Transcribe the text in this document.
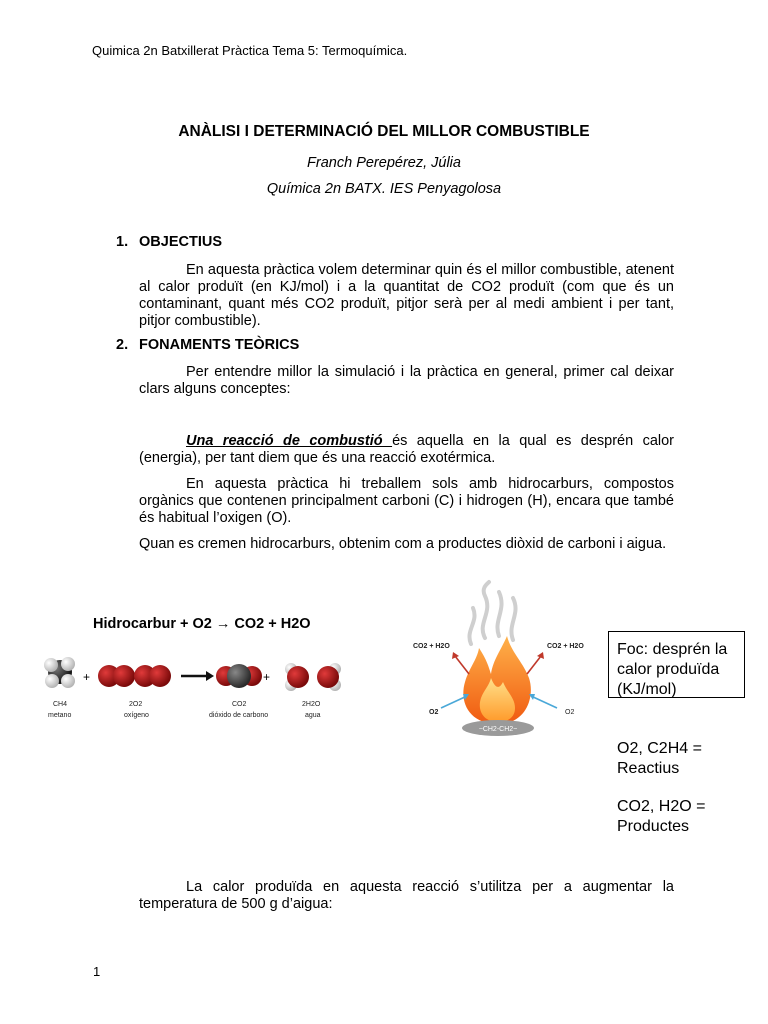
Quimica 2n Batxillerat Pràctica Tema 5: Termoquímica.
ANÀLISI I DETERMINACIÓ DEL MILLOR COMBUSTIBLE
Franch Perepérez, Júlia
Química 2n BATX. IES Penyagolosa
1. OBJECTIUS
En aquesta pràctica volem determinar quin és el millor combustible, atenent al calor produït (en KJ/mol) i a la quantitat de CO2 produït (com que és un contaminant, quant més CO2 produït, pitjor serà per al medi ambient i per tant, pitjor combustible).
2. FONAMENTS TEÒRICS
Per entendre millor la simulació i la pràctica en general, primer cal deixar clars alguns conceptes:
Una reacció de combustió és aquella en la qual es desprén calor (energia), per tant diem que és una reacció exotérmica.
En aquesta pràctica hi treballem sols amb hidrocarburs, compostos orgànics que contenen principalment carboni (C) i hidrogen (H), encara que també és habitual l’oxigen (O).
Quan es cremen hidrocarburs, obtenim com a productes diòxid de carboni i aigua.
Hidrocarbur + O2 → CO2 + H2O
+	+
CH4
metano
2O2
oxígeno
CO2
dióxido de carbono
2H2O
agua
−CH2-CH2−
CO2 + H2O	CO2 + H2O
O2	O2
Foc: desprén la calor produïda (KJ/mol)
O2, C2H4 = Reactius
CO2, H2O = Productes
La calor produïda en aquesta reacció s’utilitza per a augmentar la temperatura de 500 g d’aigua:
1
